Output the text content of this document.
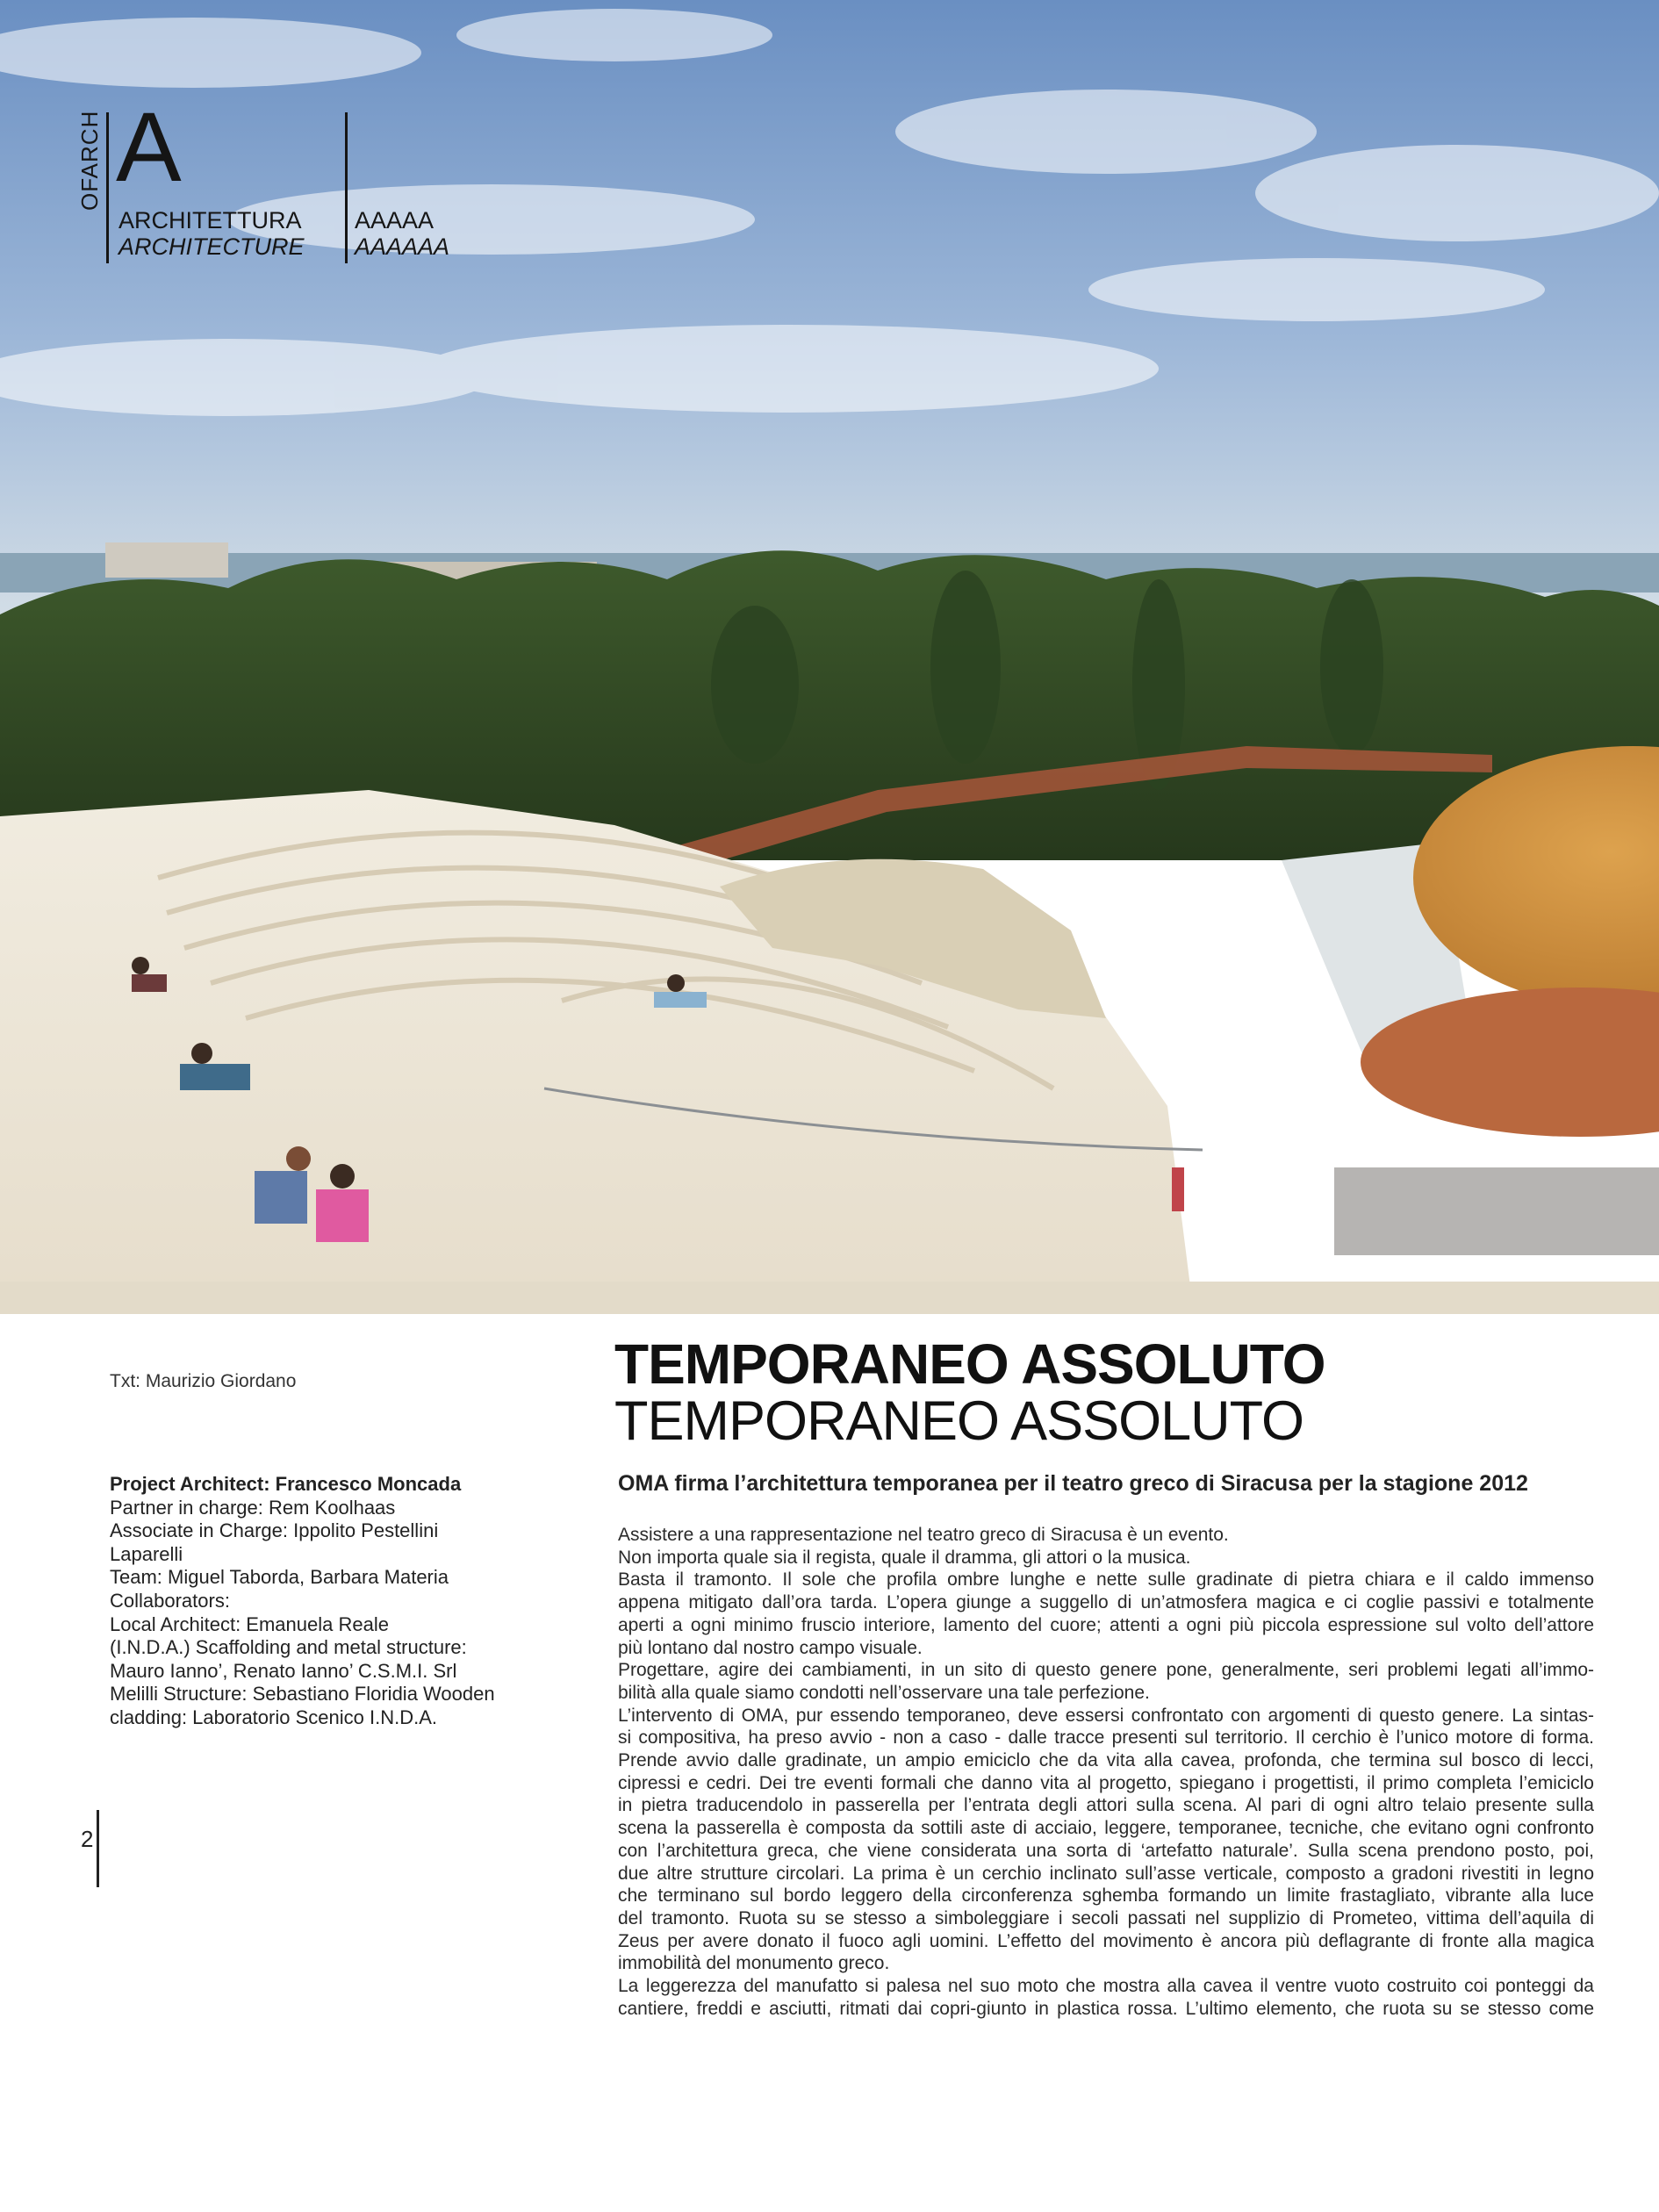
OFARCH A
ARCHITETTURA
ARCHITECTURE
AAAAA
AAAAAA
Txt: Maurizio Giordano
Project Architect: Francesco Moncada
Partner in charge: Rem Koolhaas
Associate in Charge: Ippolito Pestellini
Laparelli
Team: Miguel Taborda, Barbara Materia
Collaborators:
Local Architect: Emanuela Reale
(I.N.D.A.) Scaffolding and metal structure:
Mauro Ianno’, Renato Ianno’ C.S.M.I. Srl
Melilli Structure: Sebastiano Floridia Wooden
cladding: Laboratorio Scenico I.N.D.A.
2
TEMPORANEO ASSOLUTO
TEMPORANEO ASSOLUTO
OMA firma l’architettura temporanea per il teatro greco di Siracusa per la stagione 2012
Assistere a una rappresentazione nel teatro greco di Siracusa è un evento.
Non importa quale sia il regista, quale il dramma, gli attori o la musica.
Basta il tramonto. Il sole che profila ombre lunghe e nette sulle gradinate di pietra chiara e il caldo immenso
appena mitigato dall’ora tarda. L’opera giunge a suggello di un’atmosfera magica e ci coglie passivi e totalmente
aperti a ogni minimo fruscio interiore, lamento del cuore; attenti a ogni più piccola espressione sul volto dell’attore
più lontano dal nostro campo visuale.
Progettare, agire dei cambiamenti, in un sito di questo genere pone, generalmente, seri problemi legati all’immo-
bilità alla quale siamo condotti nell’osservare una tale perfezione.
L’intervento di OMA, pur essendo temporaneo, deve essersi confrontato con argomenti di questo genere. La sintas-
si compositiva, ha preso avvio - non a caso - dalle tracce presenti sul territorio. Il cerchio è l’unico motore di forma.
Prende avvio dalle gradinate, un ampio emiciclo che da vita alla cavea, profonda, che termina sul bosco di lecci,
cipressi e cedri. Dei tre eventi formali che danno vita al progetto, spiegano i progettisti, il primo completa l’emiciclo
in pietra traducendolo in passerella per l’entrata degli attori sulla scena. Al pari di ogni altro telaio presente sulla
scena la passerella è composta da sottili aste di acciaio, leggere, temporanee, tecniche, che evitano ogni confronto
con l’architettura greca, che viene considerata una sorta di ‘artefatto naturale’. Sulla scena prendono posto, poi,
due altre strutture circolari. La prima è un cerchio inclinato sull’asse verticale, composto a gradoni rivestiti in legno
che terminano sul bordo leggero della circonferenza sghemba formando un limite frastagliato, vibrante alla luce
del tramonto. Ruota su se stesso a simboleggiare i secoli passati nel supplizio di Prometeo, vittima dell’aquila di
Zeus per avere donato il fuoco agli uomini. L’effetto del movimento è ancora più deflagrante di fronte alla magica
immobilità del monumento greco.
La leggerezza del manufatto si palesa nel suo moto che mostra alla cavea il ventre vuoto costruito coi ponteggi da
cantiere, freddi e asciutti, ritmati dai copri-giunto in plastica rossa. L’ultimo elemento, che ruota su se stesso come
